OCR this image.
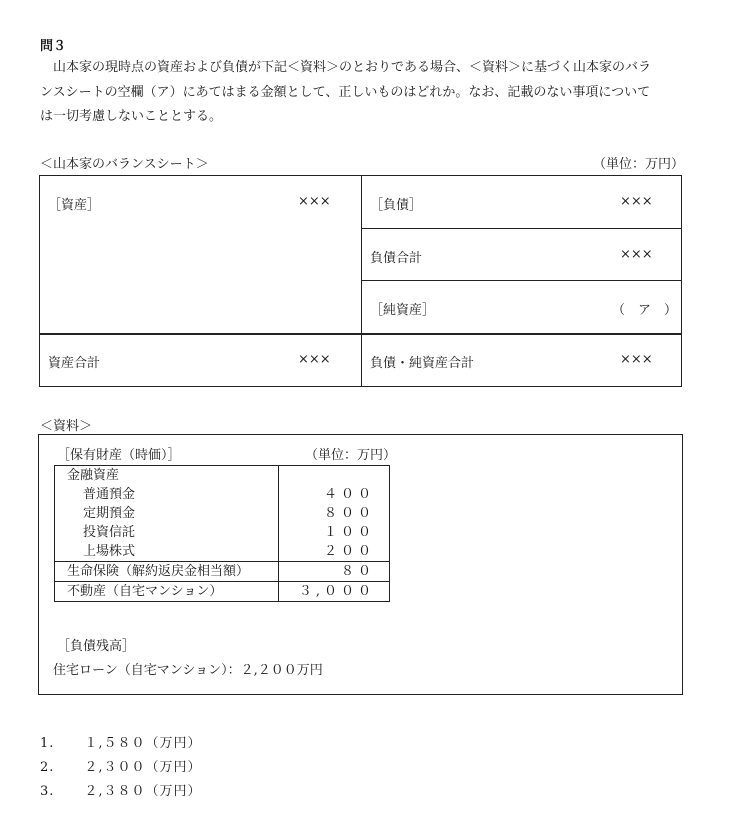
問３
山本家の現時点の資産および負債が下記＜資料＞のとおりである場合、＜資料＞に基づく山本家のバラ
ンスシートの空欄（ア）にあてはまる金額として、正しいものはどれか。なお、記載のない事項について
は一切考慮しないこととする。
＜山本家のバランスシート＞	（単位：万円）
［資産］	×××	［負債］	×××
負債合計	×××
［純資産］	（　ア　）
資産合計	×××	負債・純資産合計	×××
＜資料＞
［保有財産（時価）］	（単位：万円）
金融資産	
普通預金	４００
定期預金	８００
投資信託	１００
上場株式	２００
生命保険（解約返戻金相当額）	８０
不動産（自宅マンション）	３,０００
［負債残高］
住宅ローン（自宅マンション）：２,２００万円
1. １,５８０（万円）
2. ２,３００（万円）
3. ２,３８０（万円）
